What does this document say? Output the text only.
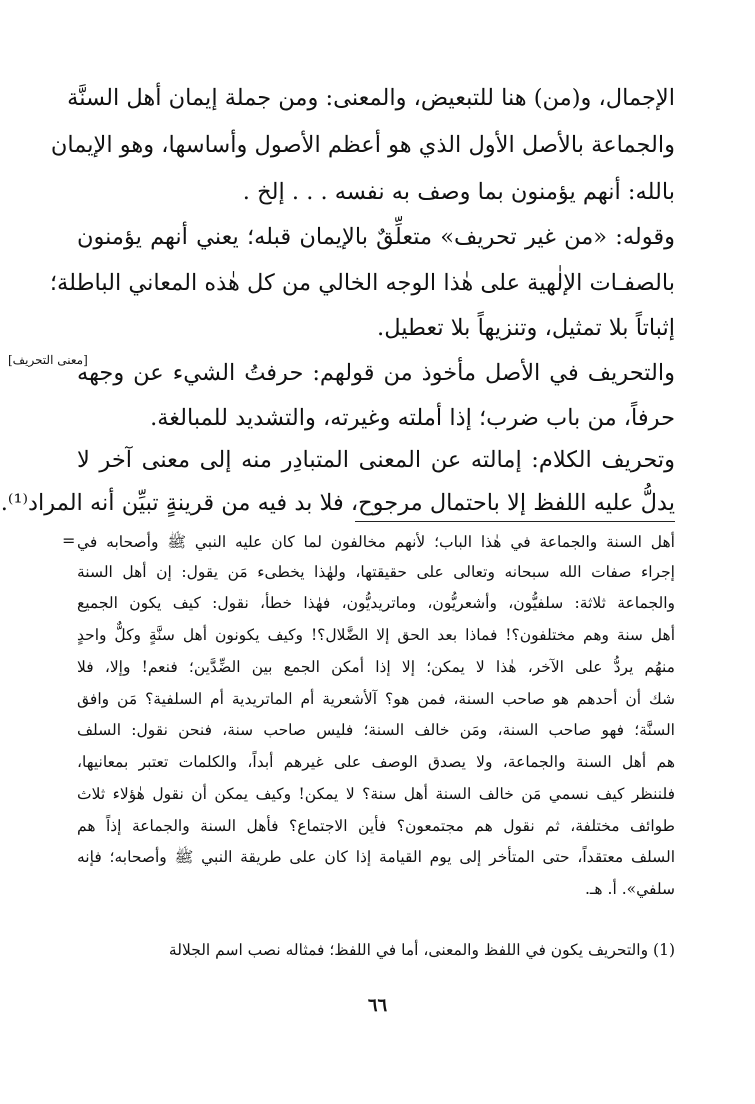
الإجمال، و(من) هنا للتبعيض، والمعنى: ومن جملة إيمان أهل السنَّة
والجماعة بالأصل الأول الذي هو أعظم الأصول وأساسها، وهو الإيمان
بالله: أنهم يؤمنون بما وصف به نفسه . . . إلخ .
وقوله: «من غير تحريف» متعلِّقٌ بالإيمان قبله؛ يعني أنهم يؤمنون
بالصفـات الإلٰهية على هٰذا الوجه الخالي من كل هٰذه المعاني الباطلة؛
إثباتاً بلا تمثيل، وتنزيهاً بلا تعطيل.
والتحريف في الأصل مأخوذ من قولهم: حرفتُ الشيء عن وجهه
حرفاً، من باب ضرب؛ إذا أملته وغيرته، والتشديد للمبالغة.
وتحريف الكلام: إمالته عن المعنى المتبادِر منه إلى معنى آخر لا
يدلُّ عليه اللفظ إلا باحتمال مرجوح، فلا بد فيه من قرينةٍ تبيِّن أنه المراد⁽¹⁾.
[معنى التحريف]
= أهل السنة والجماعة في هٰذا الباب؛ لأنهم مخالفون لما كان عليه النبي ﷺ وأصحابه في
إجراء صفات الله سبحانه وتعالى على حقيقتها، ولهٰذا يخطىء مَن يقول: إن أهل السنة
والجماعة ثلاثة: سلفيُّون، وأشعريُّون، وماتريديُّون، فهٰذا خطأ، نقول: كيف يكون الجميع
أهل سنة وهم مختلفون؟! فماذا بعد الحق إلا الضَّلال؟! وكيف يكونون أهل سنَّةٍ وكلٌّ واحدٍ
منهُم يردُّ على الآخر، هٰذا لا يمكن؛ إلا إذا أمكن الجمع بين الضِّدَّين؛ فنعم! وإلا، فلا
شك أن أحدهم هو صاحب السنة، فمن هو؟ آلأشعرية أم الماتريدية أم السلفية؟ مَن وافق
السنَّة؛ فهو صاحب السنة، ومَن خالف السنة؛ فليس صاحب سنة، فنحن نقول: السلف
هم أهل السنة والجماعة، ولا يصدق الوصف على غيرهم أبداً، والكلمات تعتبر بمعانيها،
فلننظر كيف نسمي مَن خالف السنة أهل سنة؟ لا يمكن! وكيف يمكن أن نقول هٰؤلاء ثلاث
طوائف مختلفة، ثم نقول هم مجتمعون؟ فأين الاجتماع؟ فأهل السنة والجماعة إذاً هم
السلف معتقداً، حتى المتأخر إلى يوم القيامة إذا كان على طريقة النبي ﷺ وأصحابه؛ فإنه
سلفي». أ. هـ.
(1) والتحريف يكون في اللفظ والمعنى، أما في اللفظ؛ فمثاله نصب اسم الجلالة
٦٦
